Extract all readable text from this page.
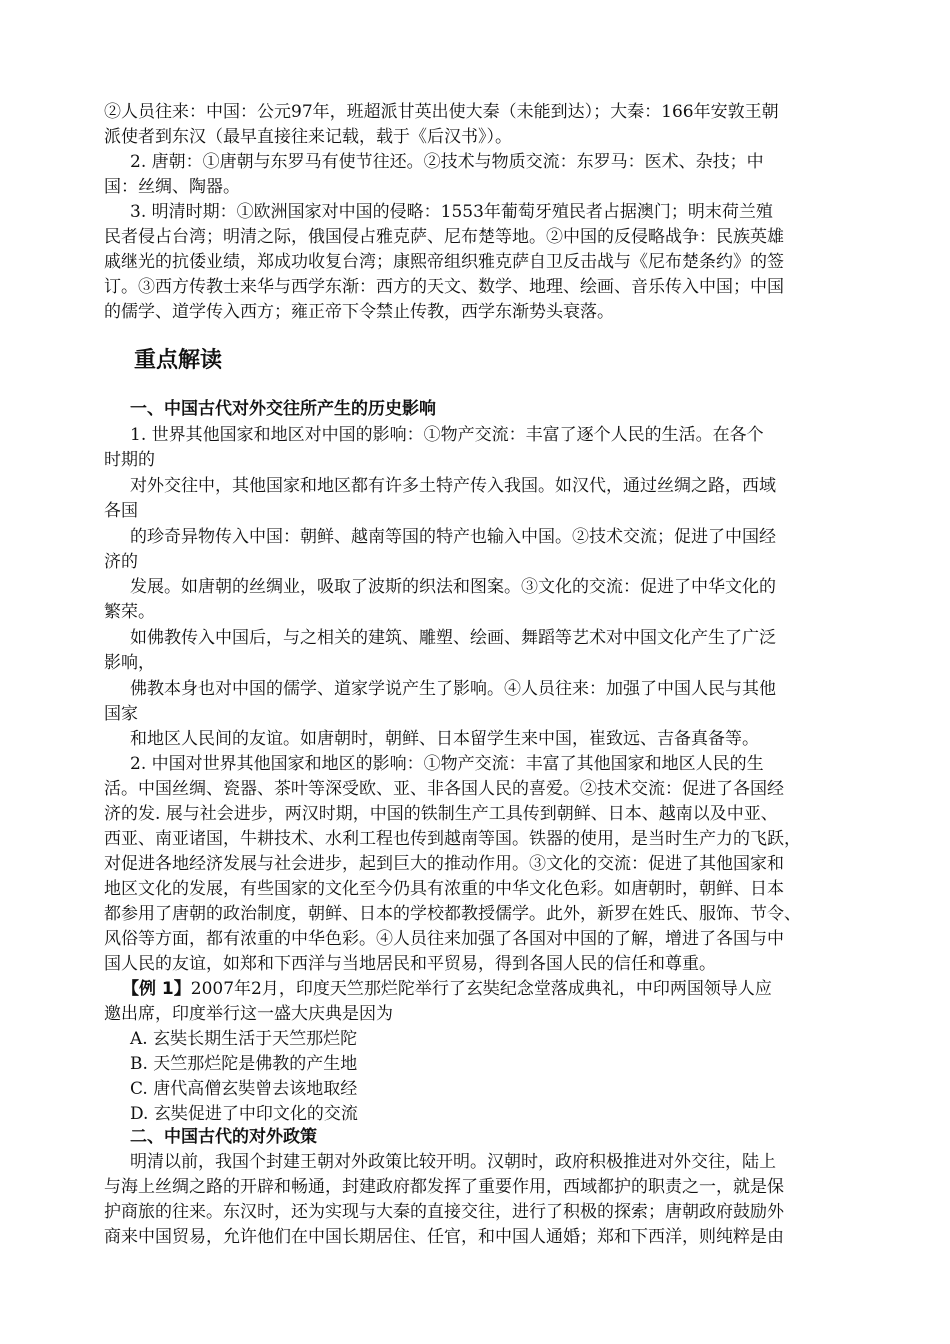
②人员往来：中国：公元97年，班超派甘英出使大秦（未能到达）；大秦：166年安敦王朝
派使者到东汉（最早直接往来记载，载于《后汉书》）。
2. 唐朝：①唐朝与东罗马有使节往还。②技术与物质交流：东罗马：医术、杂技；中
国：丝绸、陶器。
3. 明清时期：①欧洲国家对中国的侵略：1553年葡萄牙殖民者占据澳门；明末荷兰殖
民者侵占台湾；明清之际，俄国侵占雅克萨、尼布楚等地。②中国的反侵略战争：民族英雄
戚继光的抗倭业绩，郑成功收复台湾；康熙帝组织雅克萨自卫反击战与《尼布楚条约》的签
订。③西方传教士来华与西学东渐：西方的天文、数学、地理、绘画、音乐传入中国；中国
的儒学、道学传入西方；雍正帝下令禁止传教，西学东渐势头衰落。
重点解读
一、中国古代对外交往所产生的历史影响
1. 世界其他国家和地区对中国的影响：①物产交流：丰富了逐个人民的生活。在各个
时期的
对外交往中，其他国家和地区都有许多土特产传入我国。如汉代，通过丝绸之路，西域
各国
的珍奇异物传入中国：朝鲜、越南等国的特产也输入中国。②技术交流；促进了中国经
济的
发展。如唐朝的丝绸业，吸取了波斯的织法和图案。③文化的交流：促进了中华文化的
繁荣。
如佛教传入中国后，与之相关的建筑、雕塑、绘画、舞蹈等艺术对中国文化产生了广泛
影响，
佛教本身也对中国的儒学、道家学说产生了影响。④人员往来：加强了中国人民与其他
国家
和地区人民间的友谊。如唐朝时，朝鲜、日本留学生来中国，崔致远、吉备真备等。
2. 中国对世界其他国家和地区的影响：①物产交流：丰富了其他国家和地区人民的生
活。中国丝绸、瓷器、茶叶等深受欧、亚、非各国人民的喜爱。②技术交流：促进了各国经
济的发. 展与社会进步，两汉时期，中国的铁制生产工具传到朝鲜、日本、越南以及中亚、
西亚、南亚诸国，牛耕技术、水利工程也传到越南等国。铁器的使用，是当时生产力的飞跃，
对促进各地经济发展与社会进步，起到巨大的推动作用。③文化的交流：促进了其他国家和
地区文化的发展，有些国家的文化至今仍具有浓重的中华文化色彩。如唐朝时，朝鲜、日本
都参用了唐朝的政治制度，朝鲜、日本的学校都教授儒学。此外，新罗在姓氏、服饰、节令、
风俗等方面，都有浓重的中华色彩。④人员往来加强了各国对中国的了解，增进了各国与中
国人民的友谊，如郑和下西洋与当地居民和平贸易，得到各国人民的信任和尊重。
【例 1】2007年2月，印度天竺那烂陀举行了玄奘纪念堂落成典礼，中印两国领导人应
邀出席，印度举行这一盛大庆典是因为
A. 玄奘长期生活于天竺那烂陀
B. 天竺那烂陀是佛教的产生地
C. 唐代高僧玄奘曾去该地取经
D. 玄奘促进了中印文化的交流
二、中国古代的对外政策
明清以前，我国个封建王朝对外政策比较开明。汉朝时，政府积极推进对外交往，陆上
与海上丝绸之路的开辟和畅通，封建政府都发挥了重要作用，西域都护的职责之一，就是保
护商旅的往来。东汉时，还为实现与大秦的直接交往，进行了积极的探索；唐朝政府鼓励外
商来中国贸易，允许他们在中国长期居住、任官，和中国人通婚；郑和下西洋，则纯粹是由
